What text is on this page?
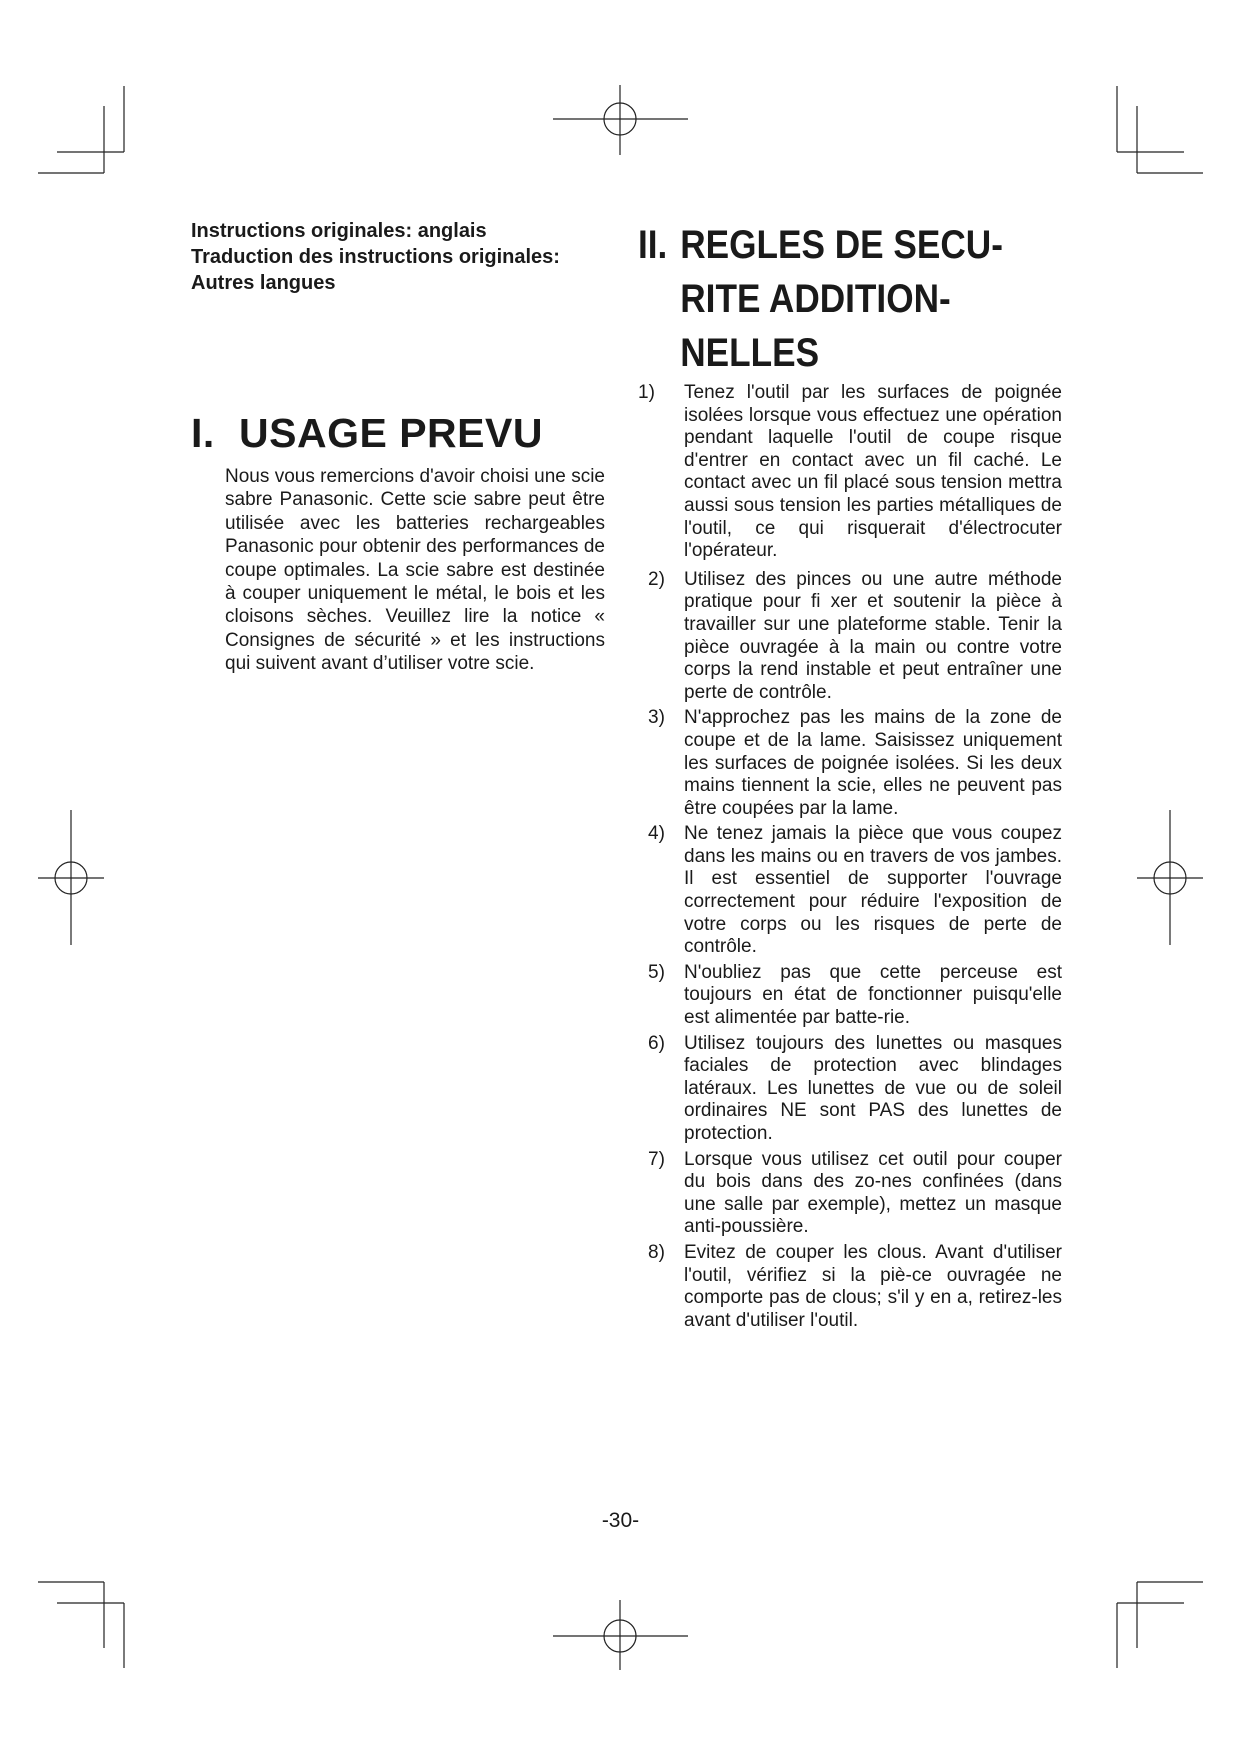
Instructions originales: anglais
Traduction des instructions originales:
Autres langues
I. USAGE PREVU

Nous vous remercions d'avoir choisi une scie sabre Panasonic. Cette scie sabre peut être utilisée avec les batteries rechargeables Panasonic pour obtenir des performances de coupe optimales. La scie sabre est destinée à couper uniquement le métal, le bois et les cloisons sèches. Veuillez lire la notice « Consignes de sécurité » et les instructions qui suivent avant d’utiliser votre scie.

II. REGLES DE SECU-
RITE ADDITION-
NELLES
1) Tenez l'outil par les surfaces de poignée isolées lorsque vous effectuez une opération pendant laquelle l'outil de coupe risque d'entrer en contact avec un fil caché. Le contact avec un fil placé sous tension mettra aussi sous tension les parties métalliques de l'outil, ce qui risquerait d'électrocuter l'opérateur.
2) Utilisez des pinces ou une autre méthode pratique pour fi xer et soutenir la pièce à travailler sur une plateforme stable. Tenir la pièce ouvragée à la main ou contre votre corps la rend instable et peut entraîner une perte de contrôle.
3) N'approchez pas les mains de la zone de coupe et de la lame. Saisissez uniquement les surfaces de poignée isolées. Si les deux mains tiennent la scie, elles ne peuvent pas être coupées par la lame.
4) Ne tenez jamais la pièce que vous coupez dans les mains ou en travers de vos jambes. Il est essentiel de supporter l'ouvrage correctement pour réduire l'exposition de votre corps ou les risques de perte de contrôle.
5) N'oubliez pas que cette perceuse est toujours en état de fonctionner puisqu'elle est alimentée par batte-rie.
6) Utilisez toujours des lunettes ou masques faciales de protection avec blindages latéraux. Les lunettes de vue ou de soleil ordinaires NE sont PAS des lunettes de protection.
7) Lorsque vous utilisez cet outil pour couper du bois dans des zo-nes confinées (dans une salle par exemple), mettez un masque anti-poussière.
8) Evitez de couper les clous. Avant d'utiliser l'outil, vérifiez si la piè-ce ouvragée ne comporte pas de clous; s'il y en a, retirez-les avant d'utiliser l'outil.
-30-
